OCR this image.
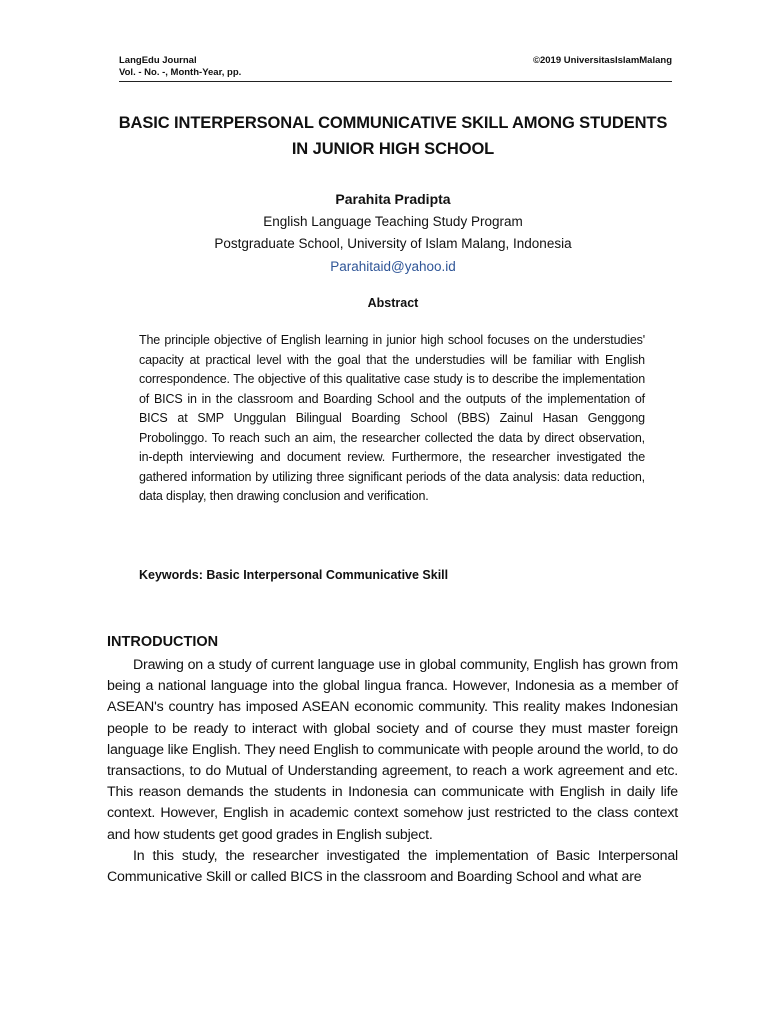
LangEdu Journal
Vol. - No. -, Month-Year, pp.
©2019 UniversitasIslamMalang
BASIC INTERPERSONAL COMMUNICATIVE SKILL AMONG STUDENTS
IN JUNIOR HIGH SCHOOL
Parahita Pradipta
English Language Teaching Study Program
Postgraduate School, University of Islam Malang, Indonesia
Parahitaid@yahoo.id
Abstract
The principle objective of English learning in junior high school focuses on the understudies' capacity at practical level with the goal that the understudies will be familiar with English correspondence. The objective of this qualitative case study is to describe the implementation of BICS in in the classroom and Boarding School and the outputs of the implementation of BICS at SMP Unggulan Bilingual Boarding School (BBS) Zainul Hasan Genggong Probolinggo. To reach such an aim, the researcher collected the data by direct observation, in-depth interviewing and document review. Furthermore, the researcher investigated the gathered information by utilizing three significant periods of the data analysis: data reduction, data display, then drawing conclusion and verification.
Keywords: Basic Interpersonal Communicative Skill
INTRODUCTION

Drawing on a study of current language use in global community, English has grown from being a national language into the global lingua franca. However, Indonesia as a member of ASEAN's country has imposed ASEAN economic community. This reality makes Indonesian people to be ready to interact with global society and of course they must master foreign language like English. They need English to communicate with people around the world, to do transactions, to do Mutual of Understanding agreement, to reach a work agreement and etc. This reason demands the students in Indonesia can communicate with English in daily life context. However, English in academic context somehow just restricted to the class context and how students get good grades in English subject.

In this study, the researcher investigated the implementation of Basic Interpersonal Communicative Skill or called BICS in the classroom and Boarding School and what are
